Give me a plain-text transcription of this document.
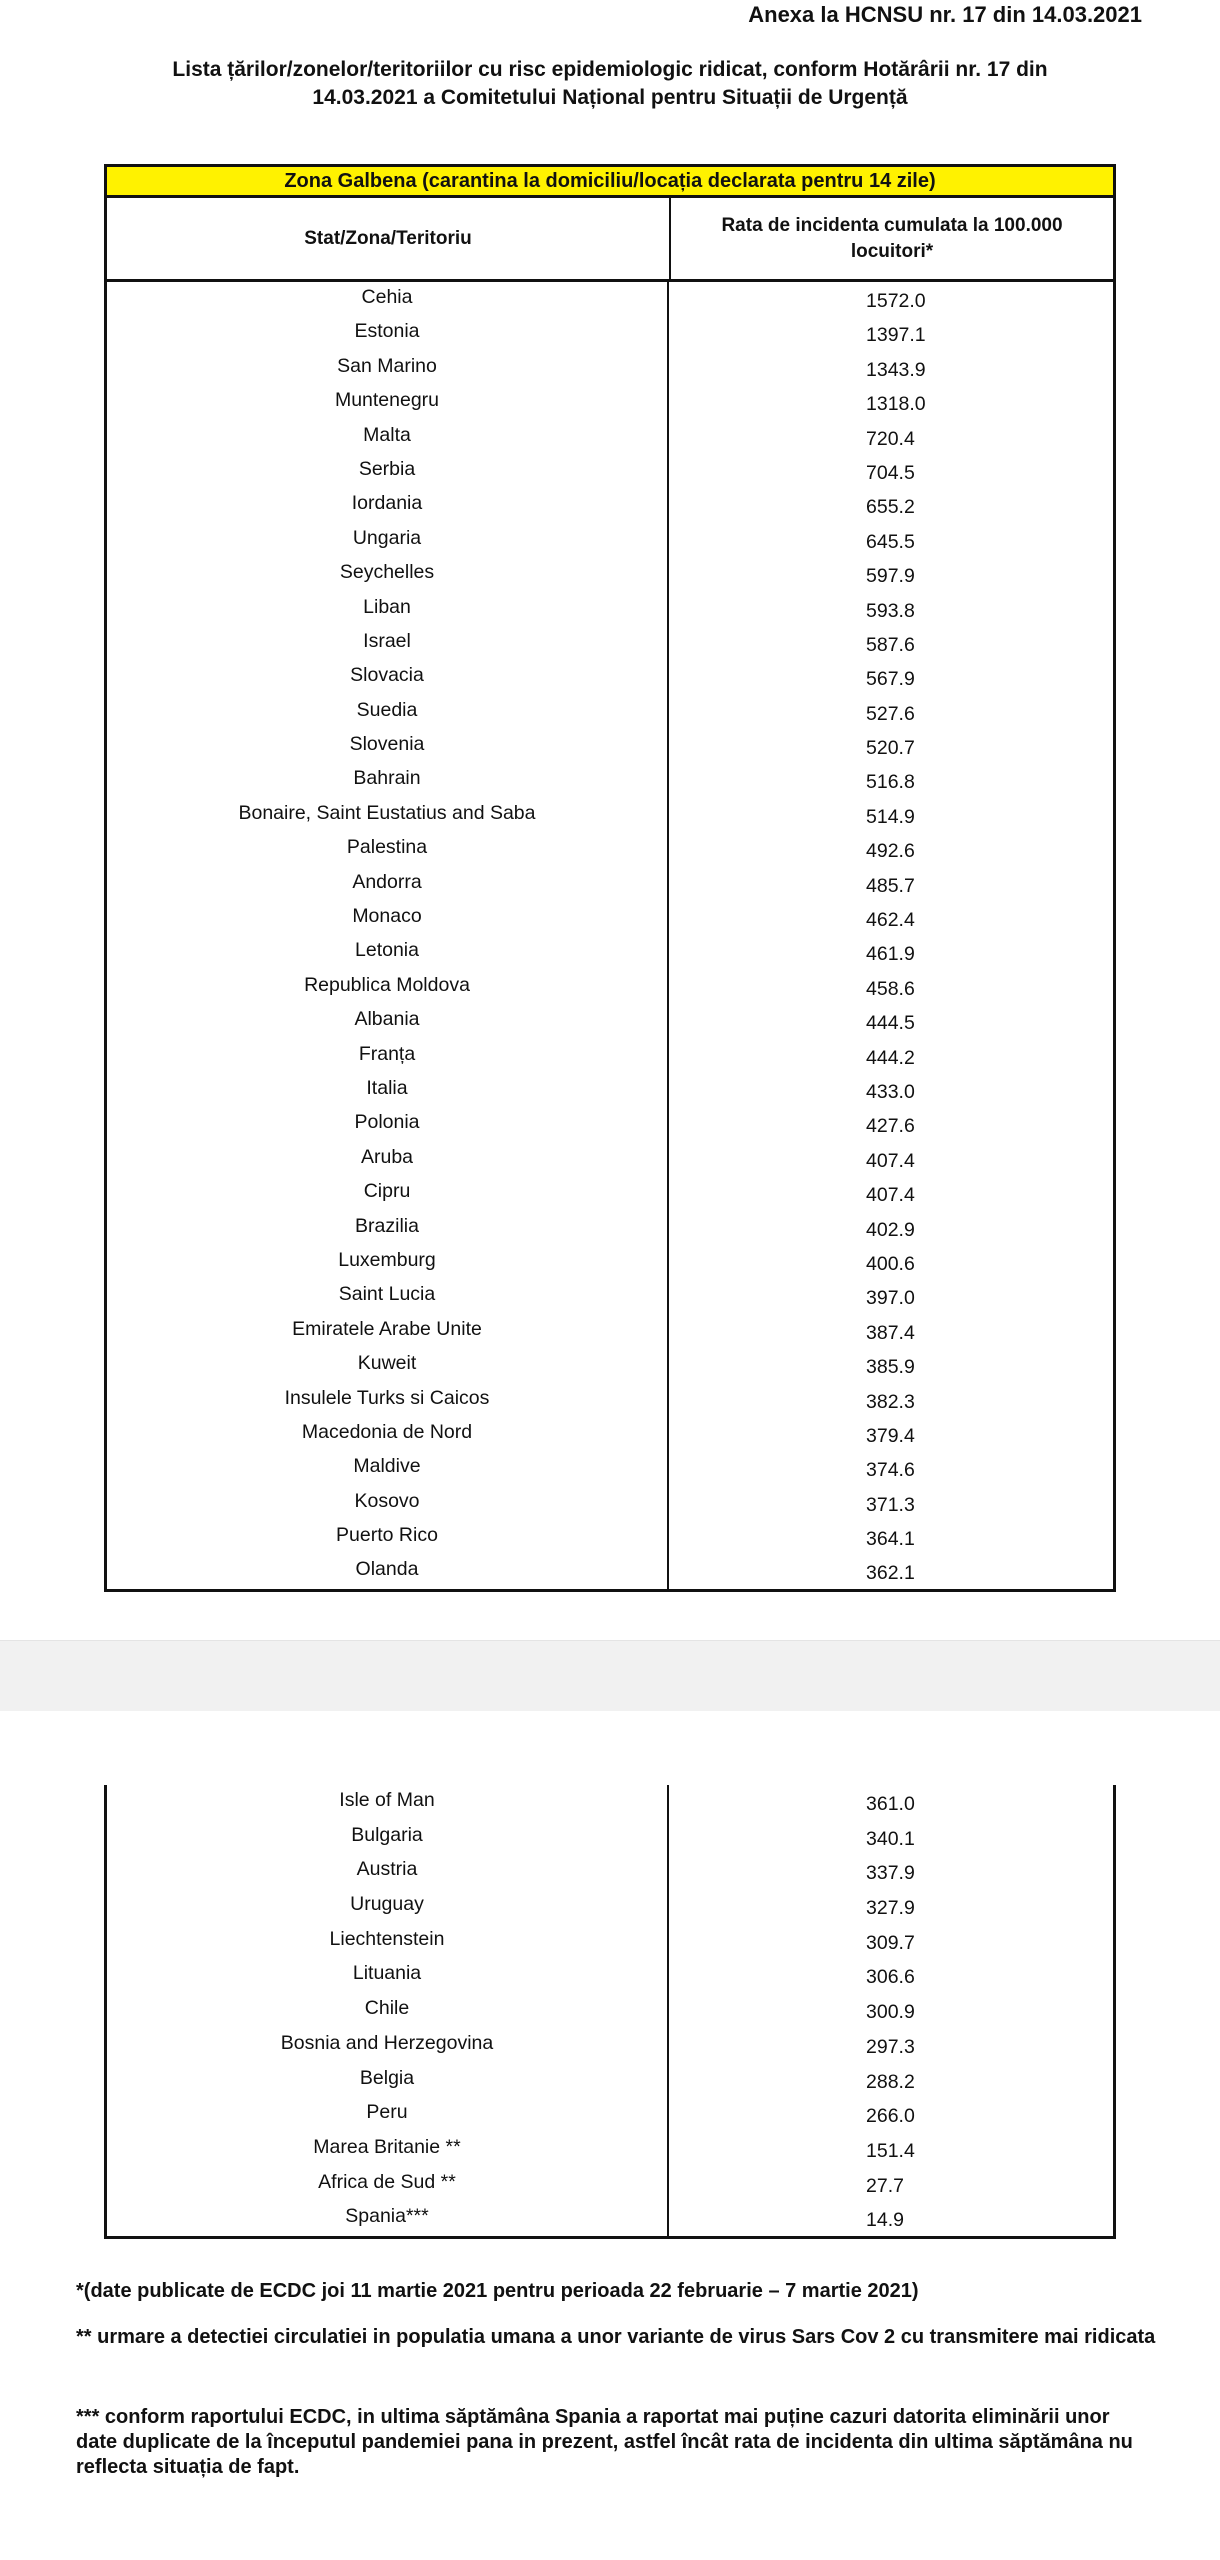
Anexa la HCNSU nr. 17 din 14.03.2021
Lista țărilor/zonelor/teritoriilor cu risc epidemiologic ridicat, conform Hotărârii nr. 17 din
14.03.2021 a Comitetului Național pentru Situații de Urgență
Zona Galbena (carantina la domiciliu/locația declarata pentru 14 zile)
Stat/Zona/Teritoriu
Rata de incidenta cumulata la 100.000 locuitori*
Cehia	1572.0
Estonia	1397.1
San Marino	1343.9
Muntenegru	1318.0
Malta	720.4
Serbia	704.5
Iordania	655.2
Ungaria	645.5
Seychelles	597.9
Liban	593.8
Israel	587.6
Slovacia	567.9
Suedia	527.6
Slovenia	520.7
Bahrain	516.8
Bonaire, Saint Eustatius and Saba	514.9
Palestina	492.6
Andorra	485.7
Monaco	462.4
Letonia	461.9
Republica Moldova	458.6
Albania	444.5
Franța	444.2
Italia	433.0
Polonia	427.6
Aruba	407.4
Cipru	407.4
Brazilia	402.9
Luxemburg	400.6
Saint Lucia	397.0
Emiratele Arabe Unite	387.4
Kuweit	385.9
Insulele Turks si Caicos	382.3
Macedonia de Nord	379.4
Maldive	374.6
Kosovo	371.3
Puerto Rico	364.1
Olanda	362.1
Isle of Man	361.0
Bulgaria	340.1
Austria	337.9
Uruguay	327.9
Liechtenstein	309.7
Lituania	306.6
Chile	300.9
Bosnia and Herzegovina	297.3
Belgia	288.2
Peru	266.0
Marea Britanie **	151.4
Africa de Sud **	27.7
Spania***	14.9
*(date publicate de ECDC joi 11 martie 2021 pentru perioada 22 februarie – 7 martie 2021)
** urmare a detectiei circulatiei in populatia umana a unor variante de virus Sars Cov 2 cu transmitere mai ridicata
*** conform raportului ECDC, in ultima săptămâna Spania a raportat mai puține cazuri datorita eliminării unor date duplicate de la începutul pandemiei pana in prezent, astfel încât rata de incidenta din ultima săptămâna nu reflecta situația de fapt.
